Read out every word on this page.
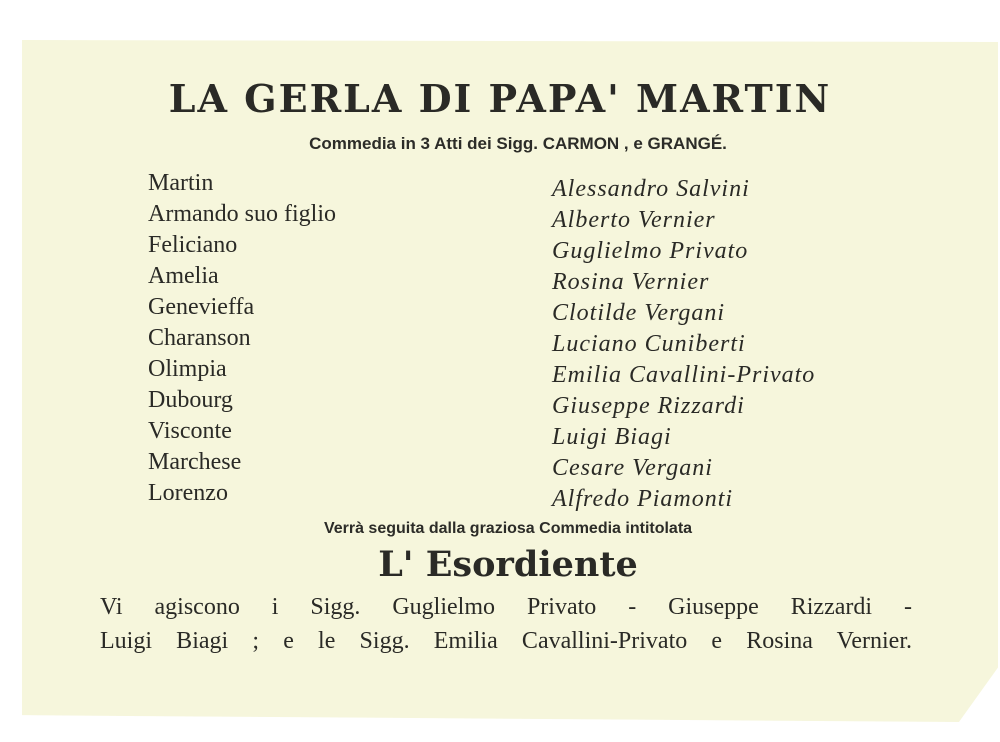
LA GERLA DI PAPA' MARTIN
Commedia in 3 Atti dei Sigg. CARMON , e GRANGÉ.
Martin
Armando suo figlio
Feliciano
Amelia
Genevieffa
Charanson
Olimpia
Dubourg
Visconte
Marchese
Lorenzo
Alessandro Salvini
Alberto Vernier
Guglielmo Privato
Rosina Vernier
Clotilde Vergani
Luciano Cuniberti
Emilia Cavallini-Privato
Giuseppe Rizzardi
Luigi Biagi
Cesare Vergani
Alfredo Piamonti
Verrà seguita dalla graziosa Commedia intitolata
L' Esordiente
Vi agiscono i Sigg. Guglielmo Privato - Giuseppe Rizzardi -
Luigi Biagi ; e le Sigg. Emilia Cavallini-Privato e Rosina Vernier.
